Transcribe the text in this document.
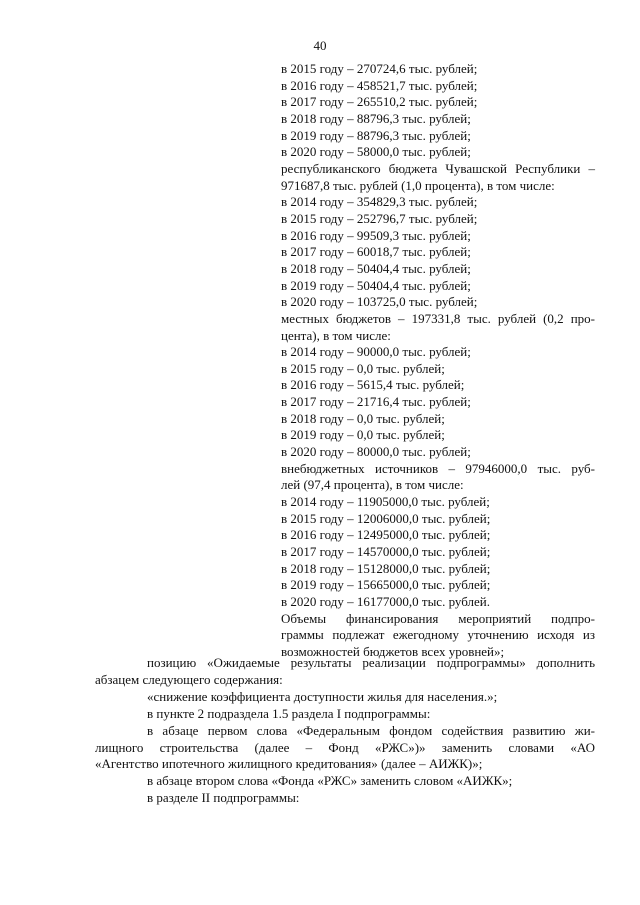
40
в 2015 году – 270724,6 тыс. рублей;
в 2016 году – 458521,7 тыс. рублей;
в 2017 году – 265510,2 тыс. рублей;
в 2018 году – 88796,3 тыс. рублей;
в 2019 году – 88796,3 тыс. рублей;
в 2020 году – 58000,0 тыс. рублей;
республиканского бюджета Чувашской Республики –
971687,8 тыс. рублей (1,0 процента), в том числе:
в 2014 году – 354829,3 тыс. рублей;
в 2015 году – 252796,7 тыс. рублей;
в 2016 году – 99509,3 тыс. рублей;
в 2017 году – 60018,7 тыс. рублей;
в 2018 году – 50404,4 тыс. рублей;
в 2019 году – 50404,4 тыс. рублей;
в 2020 году – 103725,0 тыс. рублей;
местных бюджетов – 197331,8 тыс. рублей (0,2 про-
цента), в том числе:
в 2014 году – 90000,0 тыс. рублей;
в 2015 году – 0,0 тыс. рублей;
в 2016 году – 5615,4 тыс. рублей;
в 2017 году – 21716,4 тыс. рублей;
в 2018 году – 0,0 тыс. рублей;
в 2019 году – 0,0 тыс. рублей;
в 2020 году – 80000,0 тыс. рублей;
внебюджетных источников – 97946000,0 тыс. руб-
лей (97,4 процента), в том числе:
в 2014 году – 11905000,0 тыс. рублей;
в 2015 году – 12006000,0 тыс. рублей;
в 2016 году – 12495000,0 тыс. рублей;
в 2017 году – 14570000,0 тыс. рублей;
в 2018 году – 15128000,0 тыс. рублей;
в 2019 году – 15665000,0 тыс. рублей;
в 2020 году – 16177000,0 тыс. рублей.
Объемы финансирования мероприятий подпро-
граммы подлежат ежегодному уточнению исходя из
возможностей бюджетов всех уровней»;
позицию «Ожидаемые результаты реализации подпрограммы» дополнить
абзацем следующего содержания:
«снижение коэффициента доступности жилья для населения.»;
в пункте 2 подраздела 1.5 раздела I подпрограммы:
в абзаце первом слова «Федеральным фондом содействия развитию жи-
лищного строительства (далее – Фонд «РЖС»)» заменить словами «АО
«Агентство ипотечного жилищного кредитования» (далее – АИЖК)»;
в абзаце втором слова «Фонда «РЖС» заменить словом «АИЖК»;
в разделе II подпрограммы:
